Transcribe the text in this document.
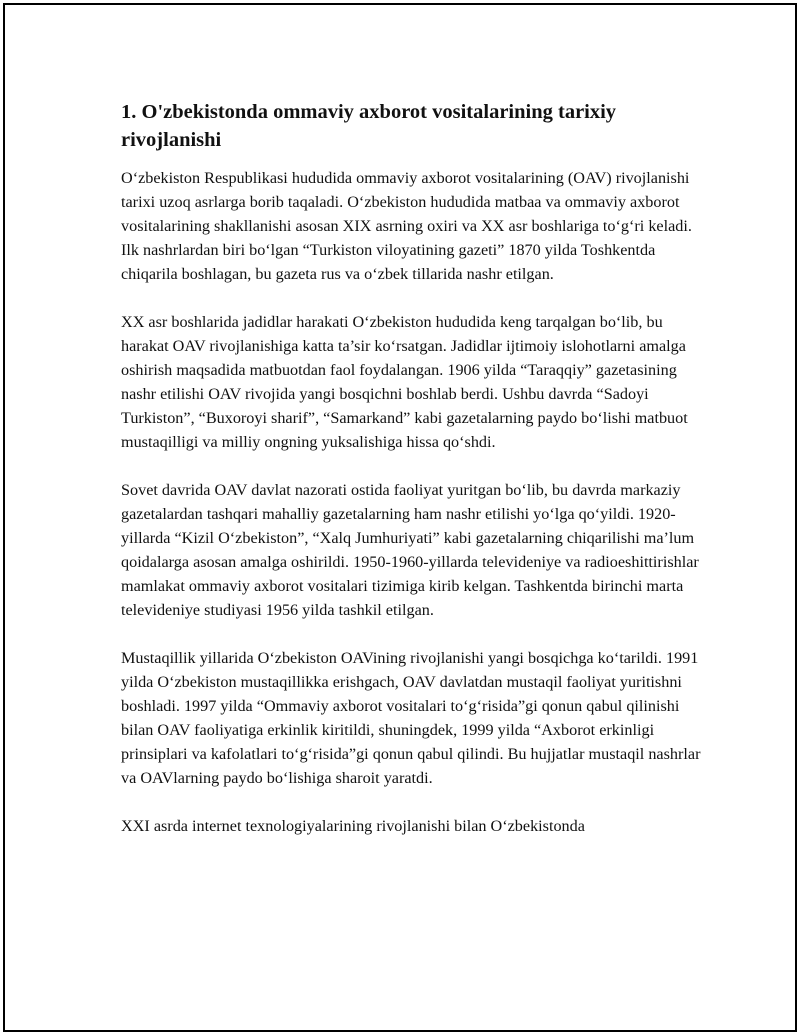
1. O'zbekistonda ommaviy axborot vositalarining tarixiy rivojlanishi

O‘zbekiston Respublikasi hududida ommaviy axborot vositalarining (OAV) rivojlanishi tarixi uzoq asrlarga borib taqaladi. O‘zbekiston hududida matbaa va ommaviy axborot vositalarining shakllanishi asosan XIX asrning oxiri va XX asr boshlariga to‘g‘ri keladi. Ilk nashrlardan biri bo‘lgan “Turkiston viloyatining gazeti” 1870 yilda Toshkentda chiqarila boshlagan, bu gazeta rus va o‘zbek tillarida nashr etilgan.

XX asr boshlarida jadidlar harakati O‘zbekiston hududida keng tarqalgan bo‘lib, bu harakat OAV rivojlanishiga katta ta’sir ko‘rsatgan. Jadidlar ijtimoiy islohotlarni amalga oshirish maqsadida matbuotdan faol foydalangan. 1906 yilda “Taraqqiy” gazetasining nashr etilishi OAV rivojida yangi bosqichni boshlab berdi. Ushbu davrda “Sadoyi Turkiston”, “Buxoroyi sharif”, “Samarkand” kabi gazetalarning paydo bo‘lishi matbuot mustaqilligi va milliy ongning yuksalishiga hissa qo‘shdi.

Sovet davrida OAV davlat nazorati ostida faoliyat yuritgan bo‘lib, bu davrda markaziy gazetalardan tashqari mahalliy gazetalarning ham nashr etilishi yo‘lga qo‘yildi. 1920-yillarda “Kizil O‘zbekiston”, “Xalq Jumhuriyati” kabi gazetalarning chiqarilishi ma’lum qoidalarga asosan amalga oshirildi. 1950-1960-yillarda televideniye va radioeshittirishlar mamlakat ommaviy axborot vositalari tizimiga kirib kelgan. Tashkentda birinchi marta televideniye studiyasi 1956 yilda tashkil etilgan.

Mustaqillik yillarida O‘zbekiston OAVining rivojlanishi yangi bosqichga ko‘tarildi. 1991 yilda O‘zbekiston mustaqillikka erishgach, OAV davlatdan mustaqil faoliyat yuritishni boshladi. 1997 yilda “Ommaviy axborot vositalari to‘g‘risida”gi qonun qabul qilinishi bilan OAV faoliyatiga erkinlik kiritildi, shuningdek, 1999 yilda “Axborot erkinligi prinsiplari va kafolatlari to‘g‘risida”gi qonun qabul qilindi. Bu hujjatlar mustaqil nashrlar va OAVlarning paydo bo‘lishiga sharoit yaratdi.

XXI asrda internet texnologiyalarining rivojlanishi bilan O‘zbekistonda
